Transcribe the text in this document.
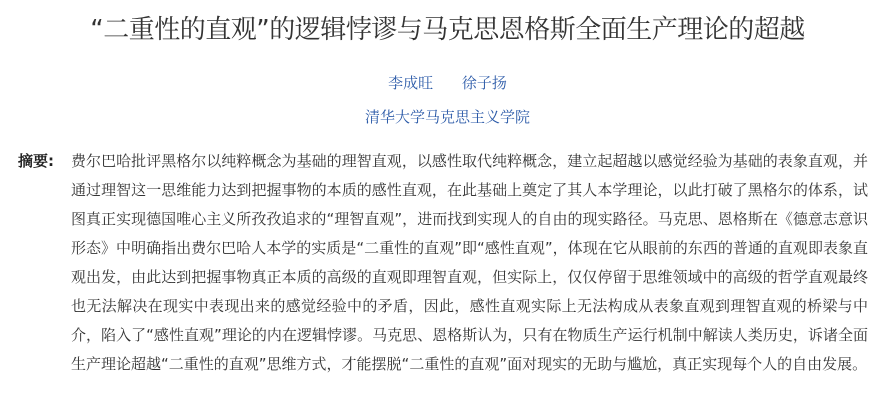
“二重性的直观”的逻辑悖谬与马克思恩格斯全面生产理论的超越
李成旺 徐子扬
清华大学马克思主义学院
摘要: 费尔巴哈批评黑格尔以纯粹概念为基础的理智直观，以感性取代纯粹概念，建立起超越以感觉经验为基础的表象直观，并通过理智这一思维能力达到把握事物的本质的感性直观，在此基础上奠定了其人本学理论，以此打破了黑格尔的体系，试图真正实现德国唯心主义所孜孜追求的“理智直观”，进而找到实现人的自由的现实路径。马克思、恩格斯在《德意志意识形态》中明确指出费尔巴哈人本学的实质是“二重性的直观”即“感性直观”，体现在它从眼前的东西的普通的直观即表象直观出发，由此达到把握事物真正本质的高级的直观即理智直观，但实际上，仅仅停留于思维领域中的高级的哲学直观最终也无法解决在现实中表现出来的感觉经验中的矛盾，因此，感性直观实际上无法构成从表象直观到理智直观的桥梁与中介，陷入了“感性直观”理论的内在逻辑悖谬。马克思、恩格斯认为，只有在物质生产运行机制中解读人类历史，诉诸全面生产理论超越“二重性的直观”思维方式，才能摆脱“二重性的直观”面对现实的无助与尴尬，真正实现每个人的自由发展。
